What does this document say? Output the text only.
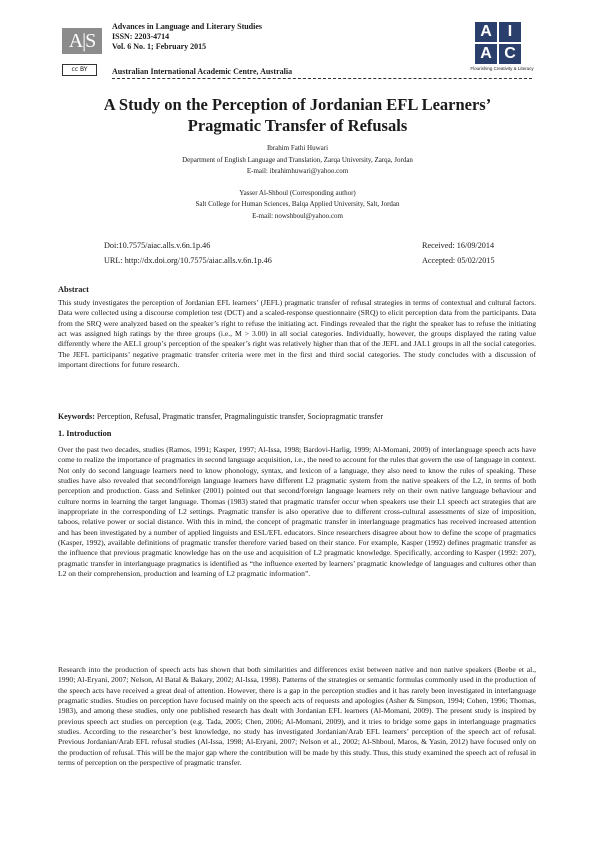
A|S
Advances in Language and Literary Studies
ISSN: 2203-4714
Vol. 6 No. 1; February 2015
cc BY	Australian International Academic Centre, Australia
A I
A C
Flourishing Creativity & Literacy
A Study on the Perception of Jordanian EFL Learners’
Pragmatic Transfer of Refusals
Ibrahim Fathi Huwari
Department of English Language and Translation, Zarqa University, Zarqa, Jordan
E-mail: ibrahimhuwari@yahoo.com
Yasser Al-Shboul (Corresponding author)
Salt College for Human Sciences, Balqa Applied University, Salt, Jordan
E-mail: nowshboul@yahoo.com
Doi:10.7575/aiac.alls.v.6n.1p.46	Received: 16/09/2014
URL: http://dx.doi.org/10.7575/aiac.alls.v.6n.1p.46	Accepted: 05/02/2015
Abstract

This study investigates the perception of Jordanian EFL learners’ (JEFL) pragmatic transfer of refusal strategies in terms of contextual and cultural factors. Data were collected using a discourse completion test (DCT) and a scaled-response questionnaire (SRQ) to elicit perception data from the participants. Data from the SRQ were analyzed based on the speaker’s right to refuse the initiating act. Findings revealed that the right the speaker has to refuse the initiating act was assigned high ratings by the three groups (i.e., M > 3.00) in all social categories. Individually, however, the groups displayed the rating value differently where the AEL1 group’s perception of the speaker’s right was relatively higher than that of the JEFL and JAL1 groups in all the social categories. The JEFL participants’ negative pragmatic transfer criteria were met in the first and third social categories. The study concludes with a discussion of important directions for future research.

Keywords: Perception, Refusal, Pragmatic transfer, Pragmalinguistic transfer, Sociopragmatic transfer
1. Introduction

Over the past two decades, studies (Ramos, 1991; Kasper, 1997; Al-Issa, 1998; Bardovi-Harlig, 1999; Al-Momani, 2009) of interlanguage speech acts have come to realize the importance of pragmatics in second language acquisition, i.e., the need to account for the rules that govern the use of language in context. Not only do second language learners need to know phonology, syntax, and lexicon of a language, they also need to know the rules of speaking. These studies have also revealed that second/foreign language learners have different L2 pragmatic system from the native speakers of the L2, in terms of both perception and production. Gass and Selinker (2001) pointed out that second/foreign language learners rely on their own native language behaviour and culture norms in learning the target language. Thomas (1983) stated that pragmatic transfer occur when speakers use their L1 speech act strategies that are inappropriate in the corresponding of L2 settings. Pragmatic transfer is also operative due to different cross-cultural assessments of size of imposition, taboos, relative power or social distance. With this in mind, the concept of pragmatic transfer in interlanguage pragmatics has received increased attention and has been investigated by a number of applied linguists and ESL/EFL educators. Since researchers disagree about how to define the scope of pragmatics (Kasper, 1992), available definitions of pragmatic transfer therefore varied based on their stance. For example, Kasper (1992) defines pragmatic transfer as the influence that previous pragmatic knowledge has on the use and acquisition of L2 pragmatic knowledge. Specifically, according to Kasper (1992: 207), pragmatic transfer in interlanguage pragmatics is identified as “the influence exerted by learners’ pragmatic knowledge of languages and cultures other than L2 on their comprehension, production and learning of L2 pragmatic information”.

Research into the production of speech acts has shown that both similarities and differences exist between native and non native speakers (Beebe et al., 1990; Al-Eryani, 2007; Nelson, Al Batal & Bakary, 2002; Al-Issa, 1998). Patterns of the strategies or semantic formulas commonly used in the production of the speech acts have received a great deal of attention. However, there is a gap in the perception studies and it has rarely been investigated in interlanguage pragmatic studies. Studies on perception have focused mainly on the speech acts of requests and apologies (Asher & Simpson, 1994; Cohen, 1996; Thomas, 1983), and among these studies, only one published research has dealt with Jordanian EFL learners (Al-Momani, 2009). The present study is inspired by previous speech act studies on perception (e.g. Tada, 2005; Chen, 2006; Al-Momani, 2009), and it tries to bridge some gaps in interlanguage pragmatics studies. According to the researcher’s best knowledge, no study has investigated Jordanian/Arab EFL learners’ perception of the speech act of refusal. Previous Jordanian/Arab EFL refusal studies (Al-Issa, 1998; Al-Eryani, 2007; Nelson et al., 2002; Al-Shboul, Maros, & Yasin, 2012) have focused only on the production of refusal. This will be the major gap where the contribution will be made by this study. Thus, this study examined the speech act of refusal in terms of perception on the perspective of pragmatic transfer.
